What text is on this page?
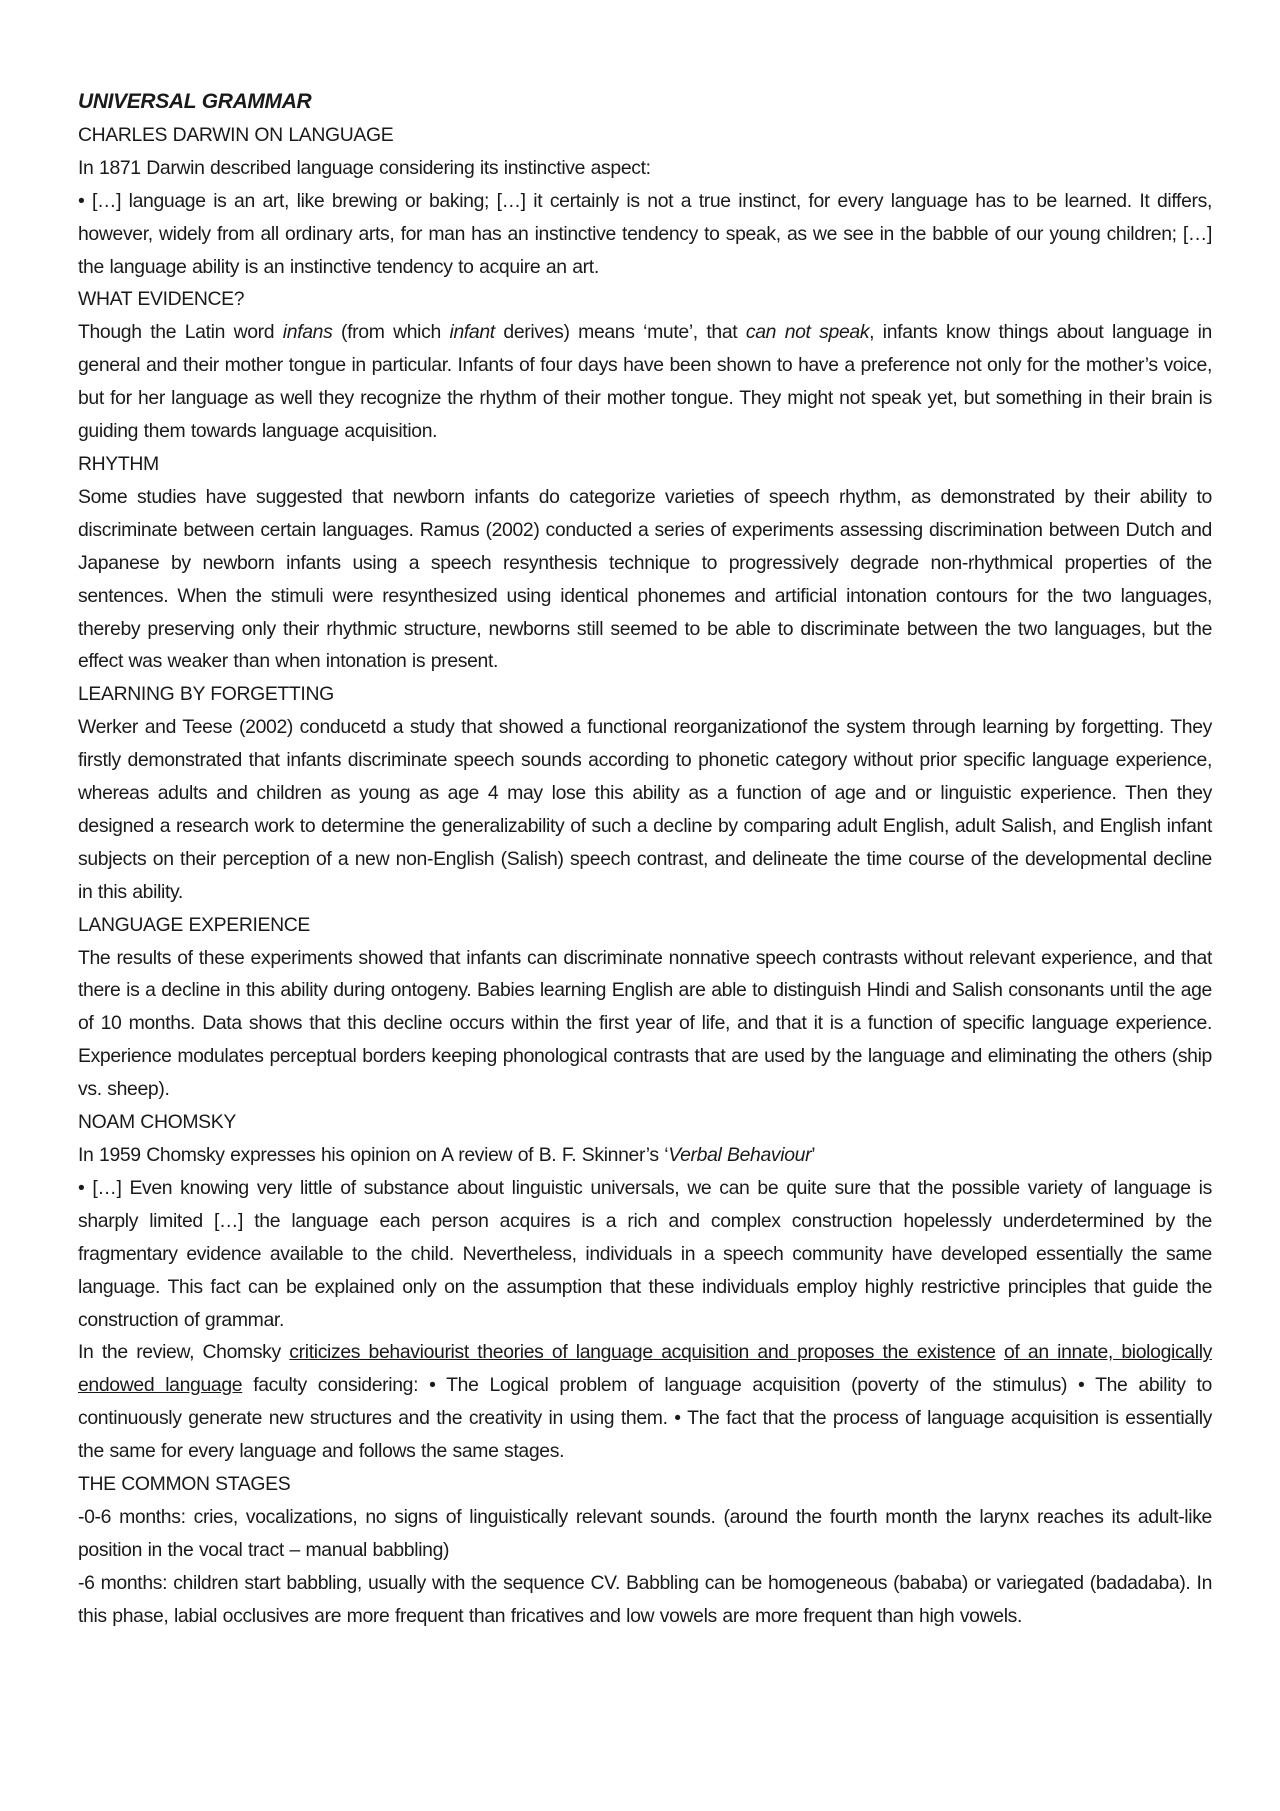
UNIVERSAL GRAMMAR

CHARLES DARWIN ON LANGUAGE

In 1871 Darwin described language considering its instinctive aspect:

• […] language is an art, like brewing or baking; […] it certainly is not a true instinct, for every language has to be learned. It differs, however, widely from all ordinary arts, for man has an instinctive tendency to speak, as we see in the babble of our young children; […] the language ability is an instinctive tendency to acquire an art.

WHAT EVIDENCE?

Though the Latin word infans (from which infant derives) means ‘mute’, that can not speak, infants know things about language in general and their mother tongue in particular. Infants of four days have been shown to have a preference not only for the mother’s voice, but for her language as well they recognize the rhythm of their mother tongue. They might not speak yet, but something in their brain is guiding them towards language acquisition.

RHYTHM

Some studies have suggested that newborn infants do categorize varieties of speech rhythm, as demonstrated by their ability to discriminate between certain languages. Ramus (2002) conducted a series of experiments assessing discrimination between Dutch and Japanese by newborn infants using a speech resynthesis technique to progressively degrade non-rhythmical properties of the sentences. When the stimuli were resynthesized using identical phonemes and artificial intonation contours for the two languages, thereby preserving only their rhythmic structure, newborns still seemed to be able to discriminate between the two languages, but the effect was weaker than when intonation is present.

LEARNING BY FORGETTING

Werker and Teese (2002) conducetd a study that showed a functional reorganizationof the system through learning by forgetting. They firstly demonstrated that infants discriminate speech sounds according to phonetic category without prior specific language experience, whereas adults and children as young as age 4 may lose this ability as a function of age and or linguistic experience. Then they designed a research work to determine the generalizability of such a decline by comparing adult English, adult Salish, and English infant subjects on their perception of a new non-English (Salish) speech contrast, and delineate the time course of the developmental decline in this ability.

LANGUAGE EXPERIENCE

The results of these experiments showed that infants can discriminate nonnative speech contrasts without relevant experience, and that there is a decline in this ability during ontogeny. Babies learning English are able to distinguish Hindi and Salish consonants until the age of 10 months. Data shows that this decline occurs within the first year of life, and that it is a function of specific language experience. Experience modulates perceptual borders keeping phonological contrasts that are used by the language and eliminating the others (ship vs. sheep).

NOAM CHOMSKY

In 1959 Chomsky expresses his opinion on A review of B. F. Skinner’s ‘Verbal Behaviour’

• […] Even knowing very little of substance about linguistic universals, we can be quite sure that the possible variety of language is sharply limited […] the language each person acquires is a rich and complex construction hopelessly underdetermined by the fragmentary evidence available to the child. Nevertheless, individuals in a speech community have developed essentially the same language. This fact can be explained only on the assumption that these individuals employ highly restrictive principles that guide the construction of grammar.

In the review, Chomsky criticizes behaviourist theories of language acquisition and proposes the existence of an innate, biologically endowed language faculty considering: • The Logical problem of language acquisition (poverty of the stimulus) • The ability to continuously generate new structures and the creativity in using them. • The fact that the process of language acquisition is essentially the same for every language and follows the same stages.

THE COMMON STAGES

-0-6 months: cries, vocalizations, no signs of linguistically relevant sounds. (around the fourth month the larynx reaches its adult-like position in the vocal tract – manual babbling)

-6 months: children start babbling, usually with the sequence CV. Babbling can be homogeneous (bababa) or variegated (badadaba). In this phase, labial occlusives are more frequent than fricatives and low vowels are more frequent than high vowels.
